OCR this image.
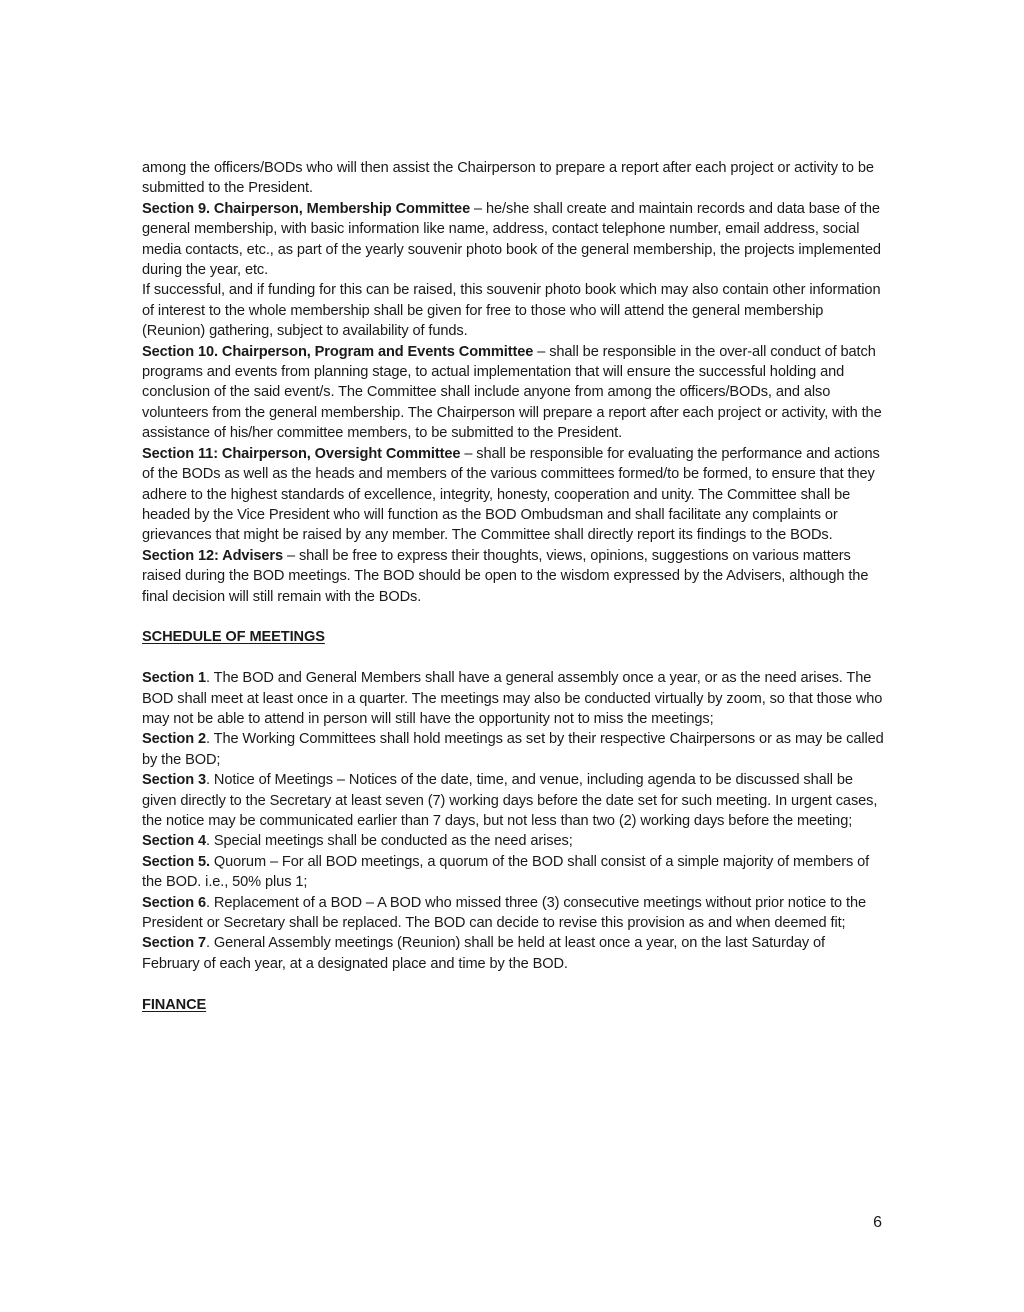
among the officers/BODs who will then assist the Chairperson to prepare a report after each project or activity to be submitted to the President.

Section 9. Chairperson, Membership Committee – he/she shall create and maintain records and data base of the general membership, with basic information like name, address, contact telephone number, email address, social media contacts, etc., as part of the yearly souvenir photo book of the general membership, the projects implemented during the year, etc.

If successful, and if funding for this can be raised, this souvenir photo book which may also contain other information of interest to the whole membership shall be given for free to those who will attend the general membership (Reunion) gathering, subject to availability of funds.

Section 10. Chairperson, Program and Events Committee – shall be responsible in the over-all conduct of batch programs and events from planning stage, to actual implementation that will ensure the successful holding and conclusion of the said event/s. The Committee shall include anyone from among the officers/BODs, and also volunteers from the general membership. The Chairperson will prepare a report after each project or activity, with the assistance of his/her committee members, to be submitted to the President.

Section 11: Chairperson, Oversight Committee – shall be responsible for evaluating the performance and actions of the BODs as well as the heads and members of the various committees formed/to be formed, to ensure that they adhere to the highest standards of excellence, integrity, honesty, cooperation and unity. The Committee shall be headed by the Vice President who will function as the BOD Ombudsman and shall facilitate any complaints or grievances that might be raised by any member. The Committee shall directly report its findings to the BODs.

Section 12: Advisers – shall be free to express their thoughts, views, opinions, suggestions on various matters raised during the BOD meetings. The BOD should be open to the wisdom expressed by the Advisers, although the final decision will still remain with the BODs.

SCHEDULE OF MEETINGS

Section 1. The BOD and General Members shall have a general assembly once a year, or as the need arises. The BOD shall meet at least once in a quarter. The meetings may also be conducted virtually by zoom, so that those who may not be able to attend in person will still have the opportunity not to miss the meetings;

Section 2. The Working Committees shall hold meetings as set by their respective Chairpersons or as may be called by the BOD;

Section 3. Notice of Meetings – Notices of the date, time, and venue, including agenda to be discussed shall be given directly to the Secretary at least seven (7) working days before the date set for such meeting. In urgent cases, the notice may be communicated earlier than 7 days, but not less than two (2) working days before the meeting;

Section 4. Special meetings shall be conducted as the need arises;

Section 5. Quorum – For all BOD meetings, a quorum of the BOD shall consist of a simple majority of members of the BOD. i.e., 50% plus 1;

Section 6. Replacement of a BOD – A BOD who missed three (3) consecutive meetings without prior notice to the President or Secretary shall be replaced. The BOD can decide to revise this provision as and when deemed fit;

Section 7. General Assembly meetings (Reunion) shall be held at least once a year, on the last Saturday of February of each year, at a designated place and time by the BOD.

FINANCE

6
